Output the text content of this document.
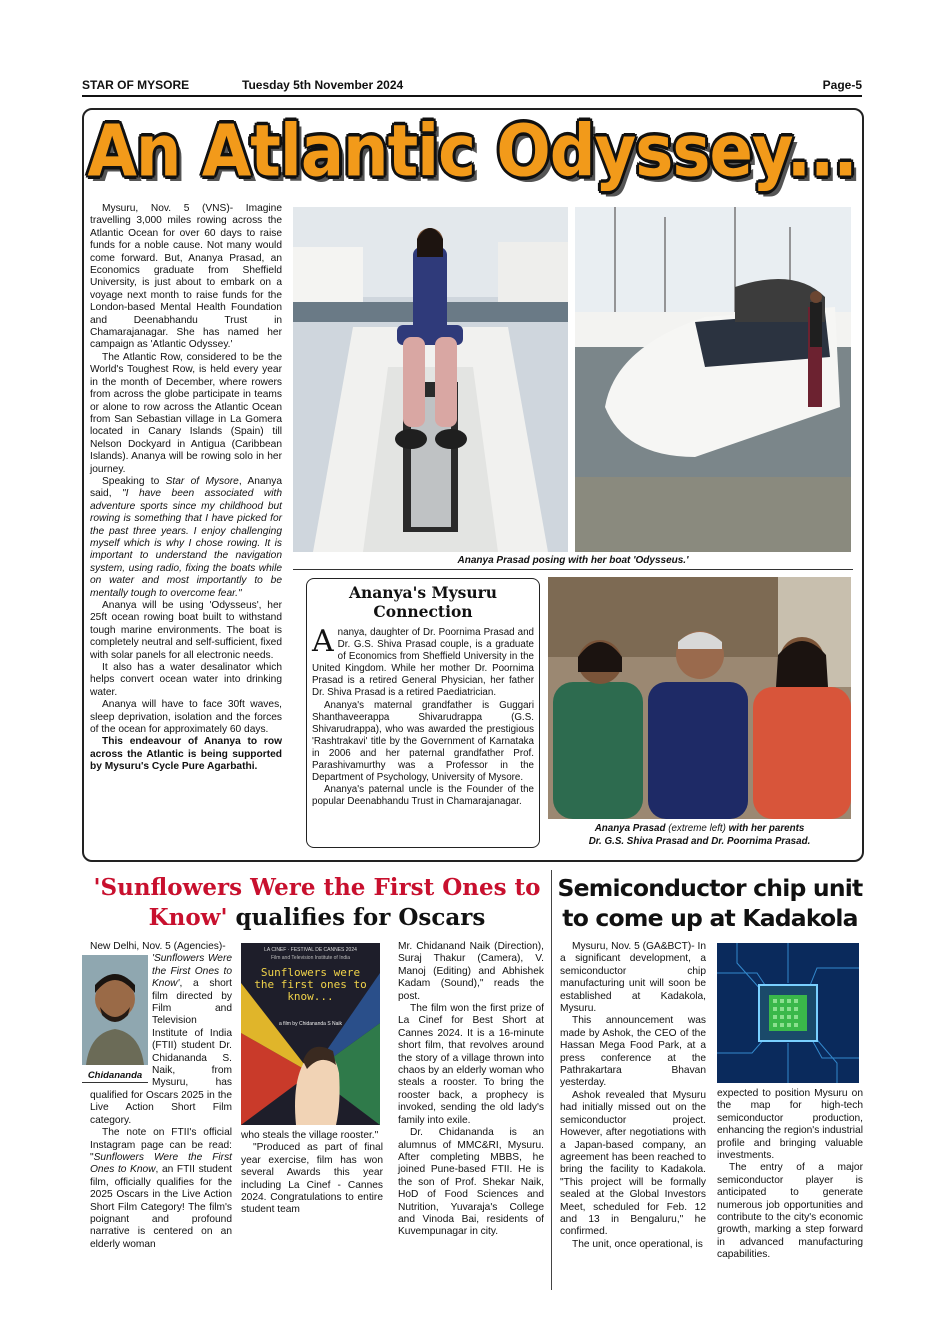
STAR OF MYSORE	Tuesday 5th November 2024	Page-5
An Atlantic Odyssey...

Mysuru, Nov. 5 (VNS)- Imagine travelling 3,000 miles rowing across the Atlantic Ocean for over 60 days to raise funds for a noble cause. Not many would come forward. But, Ananya Prasad, an Economics graduate from Sheffield University, is just about to embark on a voyage next month to raise funds for the London-based Mental Health Foundation and Deenabhandu Trust in Chamarajanagar. She has named her campaign as 'Atlantic Odyssey.'

The Atlantic Row, considered to be the World's Toughest Row, is held every year in the month of December, where rowers from across the globe participate in teams or alone to row across the Atlantic Ocean from San Sebastian village in La Gomera located in Canary Islands (Spain) till Nelson Dockyard in Antigua (Caribbean Islands). Ananya will be rowing solo in her journey.

Speaking to Star of Mysore, Ananya said, "I have been associated with adventure sports since my childhood but rowing is something that I have picked for the past three years. I enjoy challenging myself which is why I chose rowing. It is important to understand the navigation system, using radio, fixing the boats while on water and most importantly to be mentally tough to overcome fear."

Ananya will be using 'Odysseus', her 25ft ocean rowing boat built to withstand tough marine environments. The boat is completely neutral and self-sufficient, fixed with solar panels for all electronic needs.

It also has a water desalinator which helps convert ocean water into drinking water.

Ananya will have to face 30ft waves, sleep deprivation, isolation and the forces of the ocean for approximately 60 days.

This endeavour of Ananya to row across the Atlantic is being supported by Mysuru's Cycle Pure Agarbathi.

Ananya Prasad posing with her boat 'Odysseus.'
Ananya's Mysuru Connection

Ananya, daughter of Dr. Poornima Prasad and Dr. G.S. Shiva Prasad couple, is a graduate of Economics from Sheffield University in the United Kingdom. While her mother Dr. Poornima Prasad is a retired General Physician, her father Dr. Shiva Prasad is a retired Paediatrician.

Ananya's maternal grandfather is Guggari Shanthaveerappa Shivarudrappa (G.S. Shivarudrappa), who was awarded the prestigious 'Rashtrakavi' title by the Government of Karnataka in 2006 and her paternal grandfather Prof. Parashivamurthy was a Professor in the Department of Psychology, University of Mysore.

Ananya's paternal uncle is the Founder of the popular Deenabhandu Trust in Chamarajanagar.

Ananya Prasad (extreme left) with her parents
Dr. G.S. Shiva Prasad and Dr. Poornima Prasad.
'Sunflowers Were the First Ones to Know' qualifies for Oscars

New Delhi, Nov. 5 (Agencies)-

Chidananda

'Sunflowers Were the First Ones to Know', a short film directed by Film and Television Institute of India (FTII) student Dr. Chidananda S. Naik, from Mysuru, has qualified for Oscars 2025 in the Live Action Short Film category.

The note on FTII's official Instagram page can be read: "Sunflowers Were the First Ones to Know, an FTII student film, officially qualifies for the 2025 Oscars in the Live Action Short Film Category! The film's poignant and profound narrative is centered on an elderly woman

LA CINEF · FESTIVAL DE CANNES 2024
Film and Television Institute of India
Sunflowers were the first ones to know...
a film by Chidananda S Naik

who steals the village rooster."

"Produced as part of final year exercise, film has won several Awards this year including La Cinef - Cannes 2024. Congratulations to entire student team

Mr. Chidanand Naik (Direction), Suraj Thakur (Camera), V. Manoj (Editing) and Abhishek Kadam (Sound)," reads the post.

The film won the first prize of La Cinef for Best Short at Cannes 2024. It is a 16-minute short film, that revolves around the story of a village thrown into chaos by an elderly woman who steals a rooster. To bring the rooster back, a prophecy is invoked, sending the old lady's family into exile.

Dr. Chidananda is an alumnus of MMC&RI, Mysuru. After completing MBBS, he joined Pune-based FTII. He is the son of Prof. Shekar Naik, HoD of Food Sciences and Nutrition, Yuvaraja's College and Vinoda Bai, residents of Kuvempunagar in city.

Semiconductor chip unit to come up at Kadakola

Mysuru, Nov. 5 (GA&BCT)- In a significant development, a semiconductor chip manufacturing unit will soon be established at Kadakola, Mysuru.

This announcement was made by Ashok, the CEO of the Hassan Mega Food Park, at a press conference at the Pathrakartara Bhavan yesterday.

Ashok revealed that Mysuru had initially missed out on the semiconductor project. However, after negotiations with a Japan-based company, an agreement has been reached to bring the facility to Kadakola. "This project will be formally sealed at the Global Investors Meet, scheduled for Feb. 12 and 13 in Bengaluru," he confirmed.

The unit, once operational, is

expected to position Mysuru on the map for high-tech semiconductor production, enhancing the region's industrial profile and bringing valuable investments.

The entry of a major semiconductor player is anticipated to generate numerous job opportunities and contribute to the city's economic growth, marking a step forward in advanced manufacturing capabilities.
